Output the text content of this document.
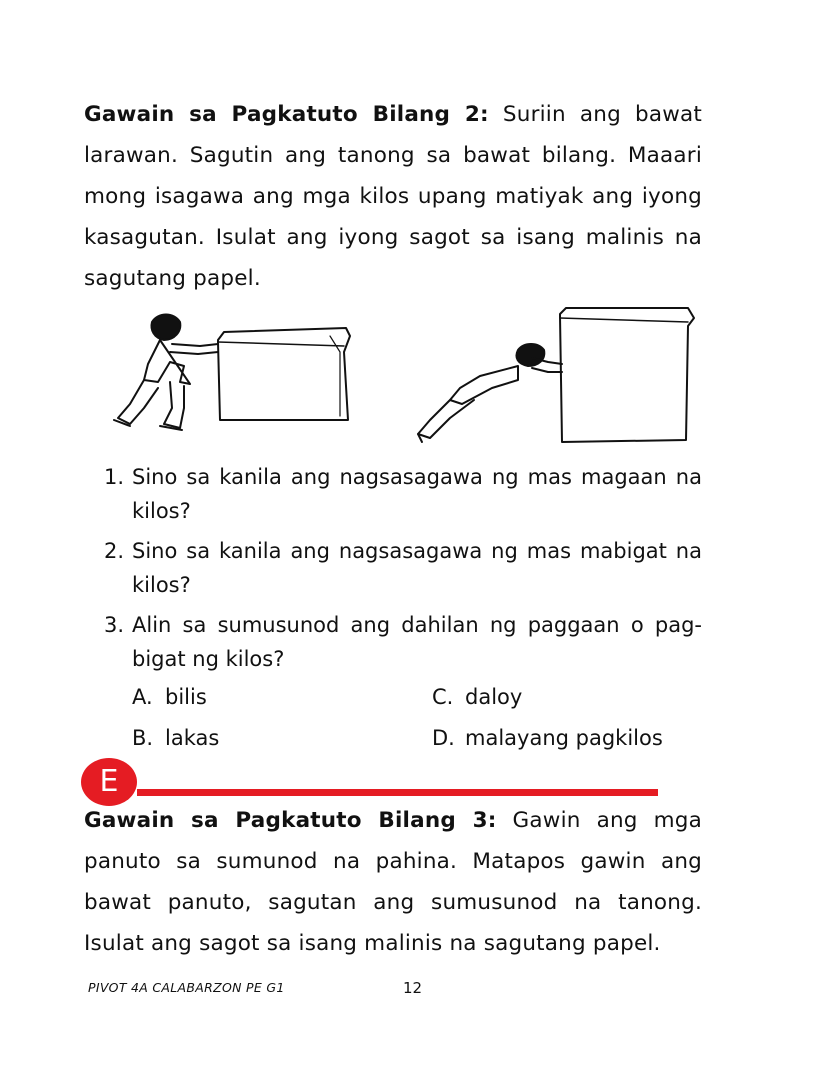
Gawain sa Pagkatuto Bilang 2: Suriin ang bawat larawan. Sagutin ang tanong sa bawat bilang. Maaari mong isagawa ang mga kilos upang matiyak ang iyong kasagutan. Isulat ang iyong sagot sa isang malinis na sagutang papel.
1. Sino sa kanila ang nagsasagawa ng mas magaan na kilos?
2. Sino sa kanila ang nagsasagawa ng mas mabigat na kilos?
3. Alin sa sumusunod ang dahilan ng paggaan o pag-bigat ng kilos?
A. bilis	C. daloy
B. lakas	D. malayang pagkilos
E
Gawain sa Pagkatuto Bilang 3: Gawin ang mga panuto sa sumunod na pahina. Matapos gawin ang bawat panuto, sagutan ang sumusunod na tanong. Isulat ang sagot sa isang malinis na sagutang papel.
PIVOT 4A CALABARZON PE G1	12
